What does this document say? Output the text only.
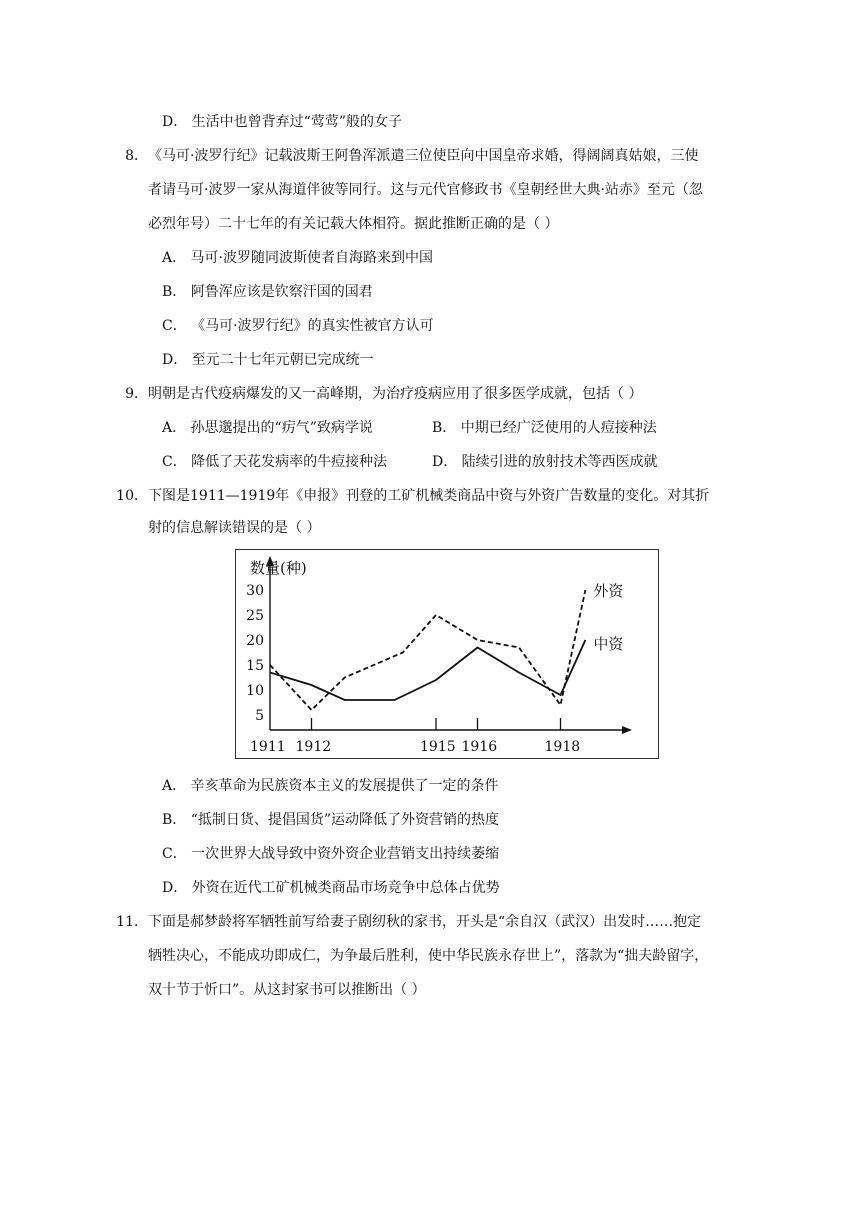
D． 生活中也曾背弃过“莺莺”般的女子
8． 《马可·波罗行纪》记载波斯王阿鲁浑派遣三位使臣向中国皇帝求婚，得阔阔真姑娘，三使
者请马可·波罗一家从海道伴彼等同行。这与元代官修政书《皇朝经世大典·站赤》至元（忽
必烈年号）二十七年的有关记载大体相符。据此推断正确的是（ ）
A． 马可·波罗随同波斯使者自海路来到中国
B． 阿鲁浑应该是钦察汗国的国君
C． 《马可·波罗行纪》的真实性被官方认可
D． 至元二十七年元朝已完成统一
9． 明朝是古代疫病爆发的又一高峰期，为治疗疫病应用了很多医学成就，包括（ ）
A． 孙思邈提出的“疠气”致病学说	B． 中期已经广泛使用的人痘接种法
C． 降低了天花发病率的牛痘接种法	D． 陆续引进的放射技术等西医成就
10． 下图是1911—1919年《申报》刊登的工矿机械类商品中资与外资广告数量的变化。对其折
射的信息解读错误的是（ ）
数量(种)
30
25
20
15
10
5
1911 1912	1915 1916	1918
外资
中资
A． 辛亥革命为民族资本主义的发展提供了一定的条件
B． “抵制日货、提倡国货”运动降低了外资营销的热度
C． 一次世界大战导致中资外资企业营销支出持续萎缩
D． 外资在近代工矿机械类商品市场竞争中总体占优势
11． 下面是郝梦龄将军牺牲前写给妻子剧纫秋的家书，开头是“余自汉（武汉）出发时……抱定
牺牲决心，不能成功即成仁，为争最后胜利，使中华民族永存世上”，落款为“拙夫龄留字，
双十节于忻口”。从这封家书可以推断出（ ）
